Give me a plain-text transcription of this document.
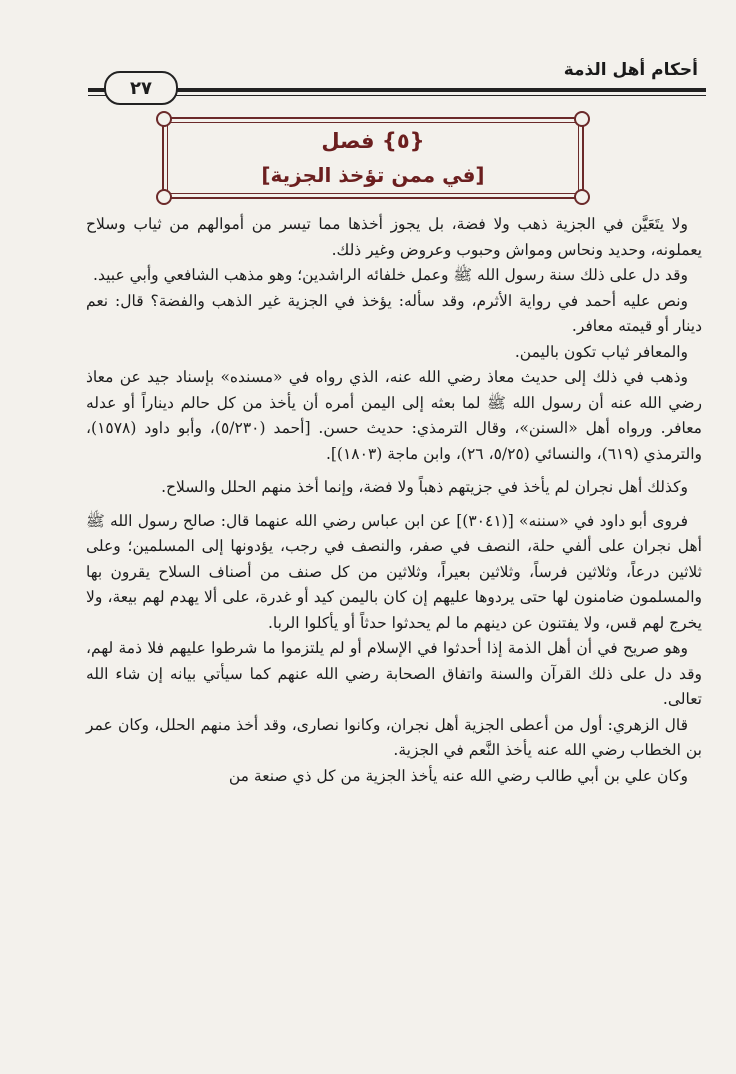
أحكام أهل الذمة
٢٧
{٥} فصل
[في ممن تؤخذ الجزية]

ولا يتَعَيَّن في الجزية ذهب ولا فضة، بل يجوز أخذها مما تيسر من أموالهم من ثياب وسلاح يعملونه، وحديد ونحاس ومواش وحبوب وعروض وغير ذلك.

وقد دل على ذلك سنة رسول الله ﷺ وعمل خلفائه الراشدين؛ وهو مذهب الشافعي وأبي عبيد.

ونص عليه أحمد في رواية الأثرم، وقد سأله: يؤخذ في الجزية غير الذهب والفضة؟ قال: نعم دينار أو قيمته معافر.

والمعافر ثياب تكون باليمن.

وذهب في ذلك إلى حديث معاذ رضي الله عنه، الذي رواه في «مسنده» بإسناد جيد عن معاذ رضي الله عنه أن رسول الله ﷺ لما بعثه إلى اليمن أمره أن يأخذ من كل حالم ديناراً أو عدله معافر. ورواه أهل «السنن»، وقال الترمذي: حديث حسن. [أحمد (٥/٢٣٠)، وأبو داود (١٥٧٨)، والترمذي (٦١٩)، والنسائي (٥/٢٥، ٢٦)، وابن ماجة (١٨٠٣)].

وكذلك أهل نجران لم يأخذ في جزيتهم ذهباً ولا فضة، وإنما أخذ منهم الحلل والسلاح.

فروى أبو داود في «سننه» [(٣٠٤١)] عن ابن عباس رضي الله عنهما قال: صالح رسول الله ﷺ أهل نجران على ألفي حلة، النصف في صفر، والنصف في رجب، يؤدونها إلى المسلمين؛ وعلى ثلاثين درعاً، وثلاثين فرساً، وثلاثين بعيراً، وثلاثين من كل صنف من أصناف السلاح يقرون بها والمسلمون ضامنون لها حتى يردوها عليهم إن كان باليمن كيد أو غدرة، على ألا يهدم لهم بيعة، ولا يخرج لهم قس، ولا يفتنون عن دينهم ما لم يحدثوا حدثاً أو يأكلوا الربا.

وهو صريح في أن أهل الذمة إذا أحدثوا في الإسلام أو لم يلتزموا ما شرطوا عليهم فلا ذمة لهم، وقد دل على ذلك القرآن والسنة واتفاق الصحابة رضي الله عنهم كما سيأتي بيانه إن شاء الله تعالى.

قال الزهري: أول من أعطى الجزية أهل نجران، وكانوا نصارى، وقد أخذ منهم الحلل، وكان عمر بن الخطاب رضي الله عنه يأخذ النَّعم في الجزية.

وكان علي بن أبي طالب رضي الله عنه يأخذ الجزية من كل ذي صنعة من
